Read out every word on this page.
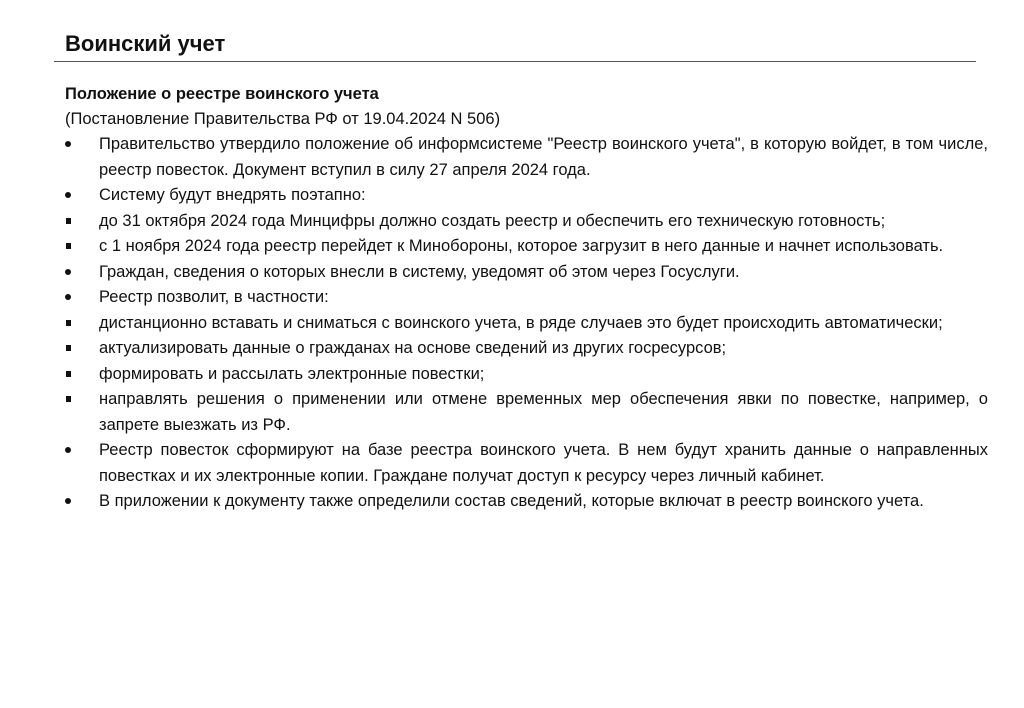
Воинский учет

Положение о реестре воинского учета

(Постановление Правительства РФ от 19.04.2024 N 506)

Правительство утвердило положение об информсистеме "Реестр воинского учета", в которую войдет, в том числе, реестр повесток. Документ вступил в силу 27 апреля 2024 года.
Систему будут внедрять поэтапно:
до 31 октября 2024 года Минцифры должно создать реестр и обеспечить его техническую готовность;
с 1 ноября 2024 года реестр перейдет к Минобороны, которое загрузит в него данные и начнет использовать.
Граждан, сведения о которых внесли в систему, уведомят об этом через Госуслуги.
Реестр позволит, в частности:
дистанционно вставать и сниматься с воинского учета, в ряде случаев это будет происходить автоматически;
актуализировать данные о гражданах на основе сведений из других госресурсов;
формировать и рассылать электронные повестки;
направлять решения о применении или отмене временных мер обеспечения явки по повестке, например, о запрете выезжать из РФ.
Реестр повесток сформируют на базе реестра воинского учета. В нем будут хранить данные о направленных повестках и их электронные копии. Граждане получат доступ к ресурсу через личный кабинет.
В приложении к документу также определили состав сведений, которые включат в реестр воинского учета.
